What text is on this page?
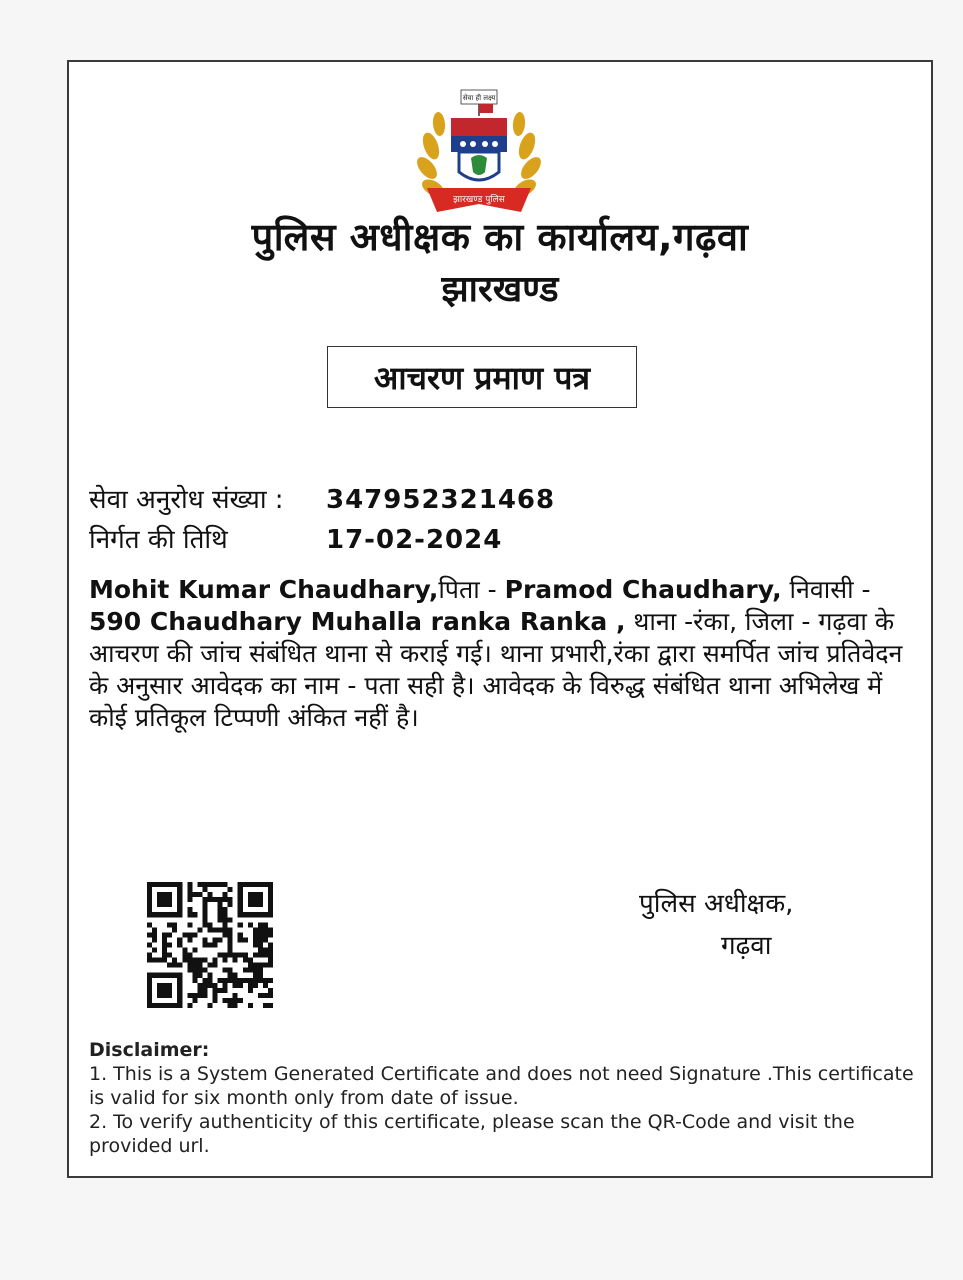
सेवा ही लक्ष्य
झारखण्ड पुलिस
पुलिस अधीक्षक का कार्यालय,गढ़वा
झारखण्ड
आचरण प्रमाण पत्र
सेवा अनुरोध संख्या :	347952321468
निर्गत की तिथि	17-02-2024
Mohit Kumar Chaudhary,पिता - Pramod Chaudhary, निवासी - 590 Chaudhary Muhalla ranka Ranka , थाना -रंका, जिला - गढ़वा के आचरण की जांच संबंधित थाना से कराई गई। थाना प्रभारी,रंका द्वारा समर्पित जांच प्रतिवेदन के अनुसार आवेदक का नाम - पता सही है। आवेदक के विरुद्ध संबंधित थाना अभिलेख में कोई प्रतिकूल टिप्पणी अंकित नहीं है।
पुलिस अधीक्षक,
गढ़वा
Disclaimer:
1. This is a System Generated Certificate and does not need Signature .This certificate is valid for six month only from date of issue.
2. To verify authenticity of this certificate, please scan the QR-Code and visit the provided url.
